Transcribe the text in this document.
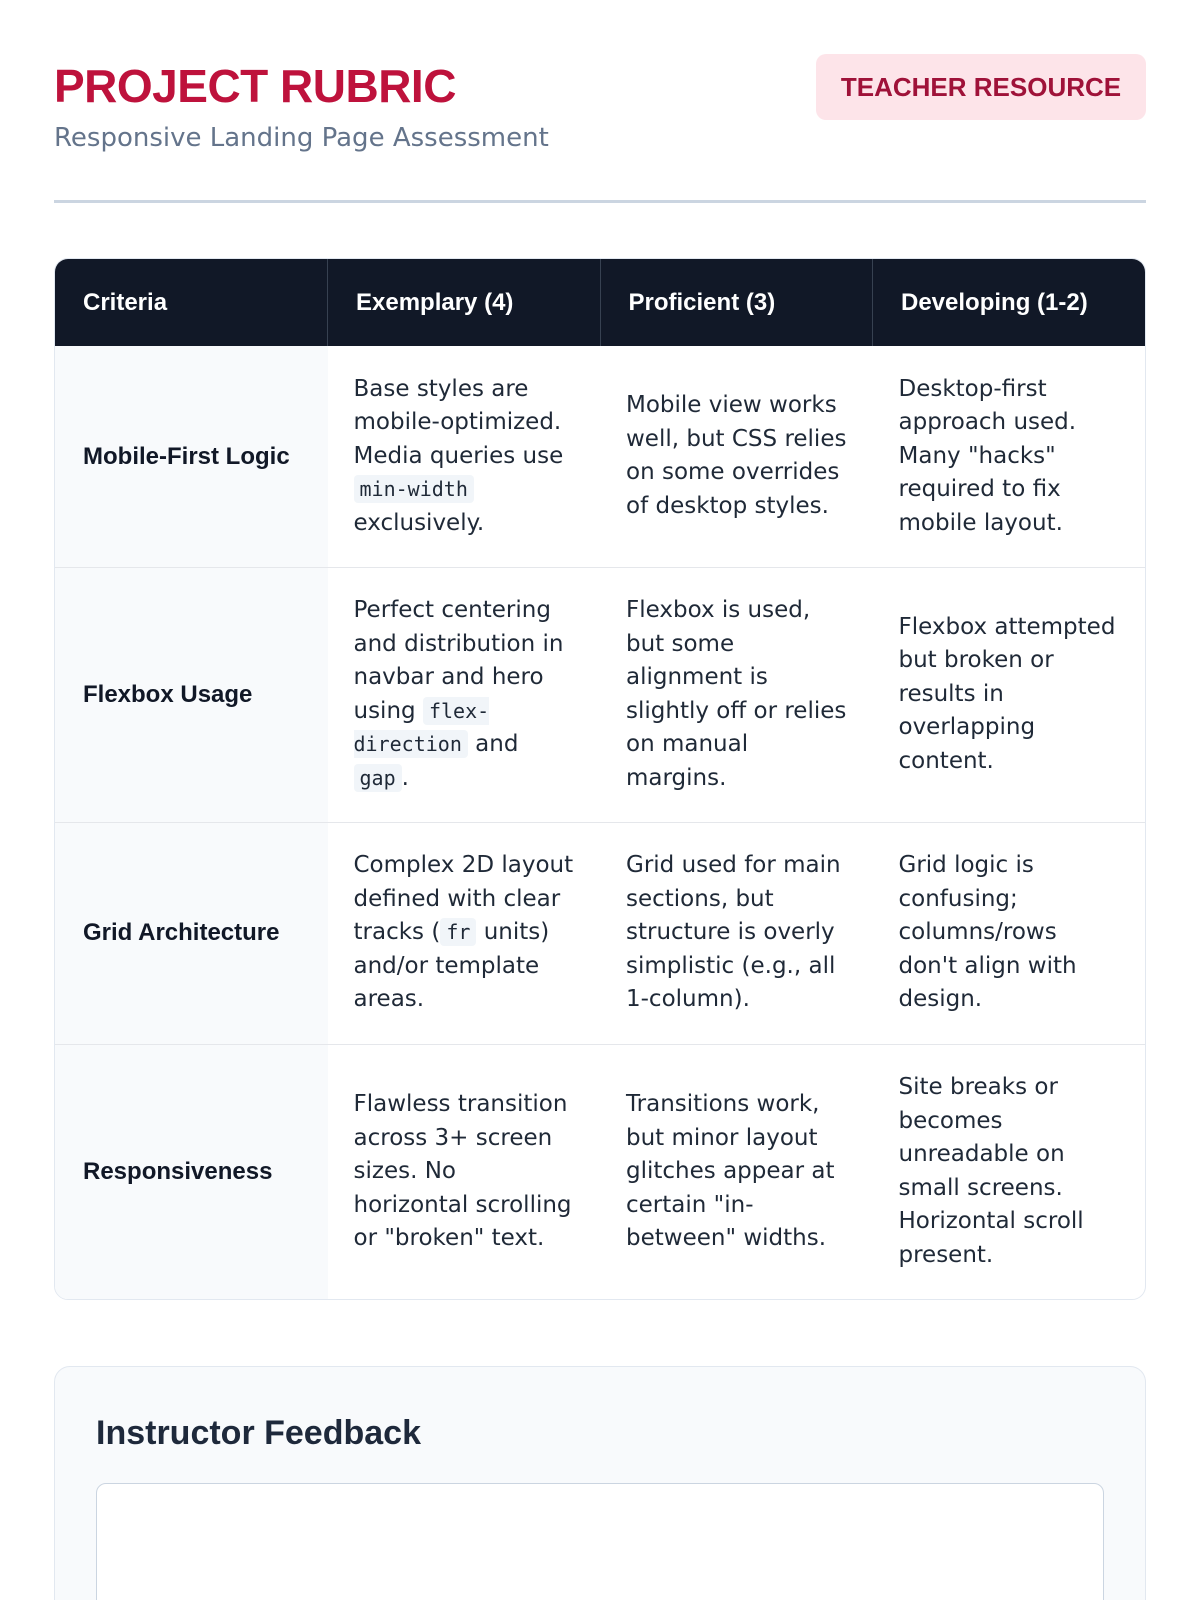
PROJECT RUBRIC

Responsive Landing Page Assessment

TEACHER RESOURCE
Criteria	Exemplary (4)	Proficient (3)	Developing (1-2)
Mobile-First Logic	Base styles are mobile-optimized. Media queries use min-width exclusively.	Mobile view works well, but CSS relies on some overrides of desktop styles.	Desktop-first approach used. Many "hacks" required to fix mobile layout.
Flexbox Usage	Perfect centering and distribution in navbar and hero using flex-direction and gap .	Flexbox is used, but some alignment is slightly off or relies on manual margins.	Flexbox attempted but broken or results in overlapping content.
Grid Architecture	Complex 2D layout defined with clear tracks ( fr units) and/or template areas.	Grid used for main sections, but structure is overly simplistic (e.g., all 1-column).	Grid logic is confusing; columns/rows don't align with design.
Responsiveness	Flawless transition across 3+ screen sizes. No horizontal scrolling or "broken" text.	Transitions work, but minor layout glitches appear at certain "in-between" widths.	Site breaks or becomes unreadable on small screens. Horizontal scroll present.
Instructor Feedback
